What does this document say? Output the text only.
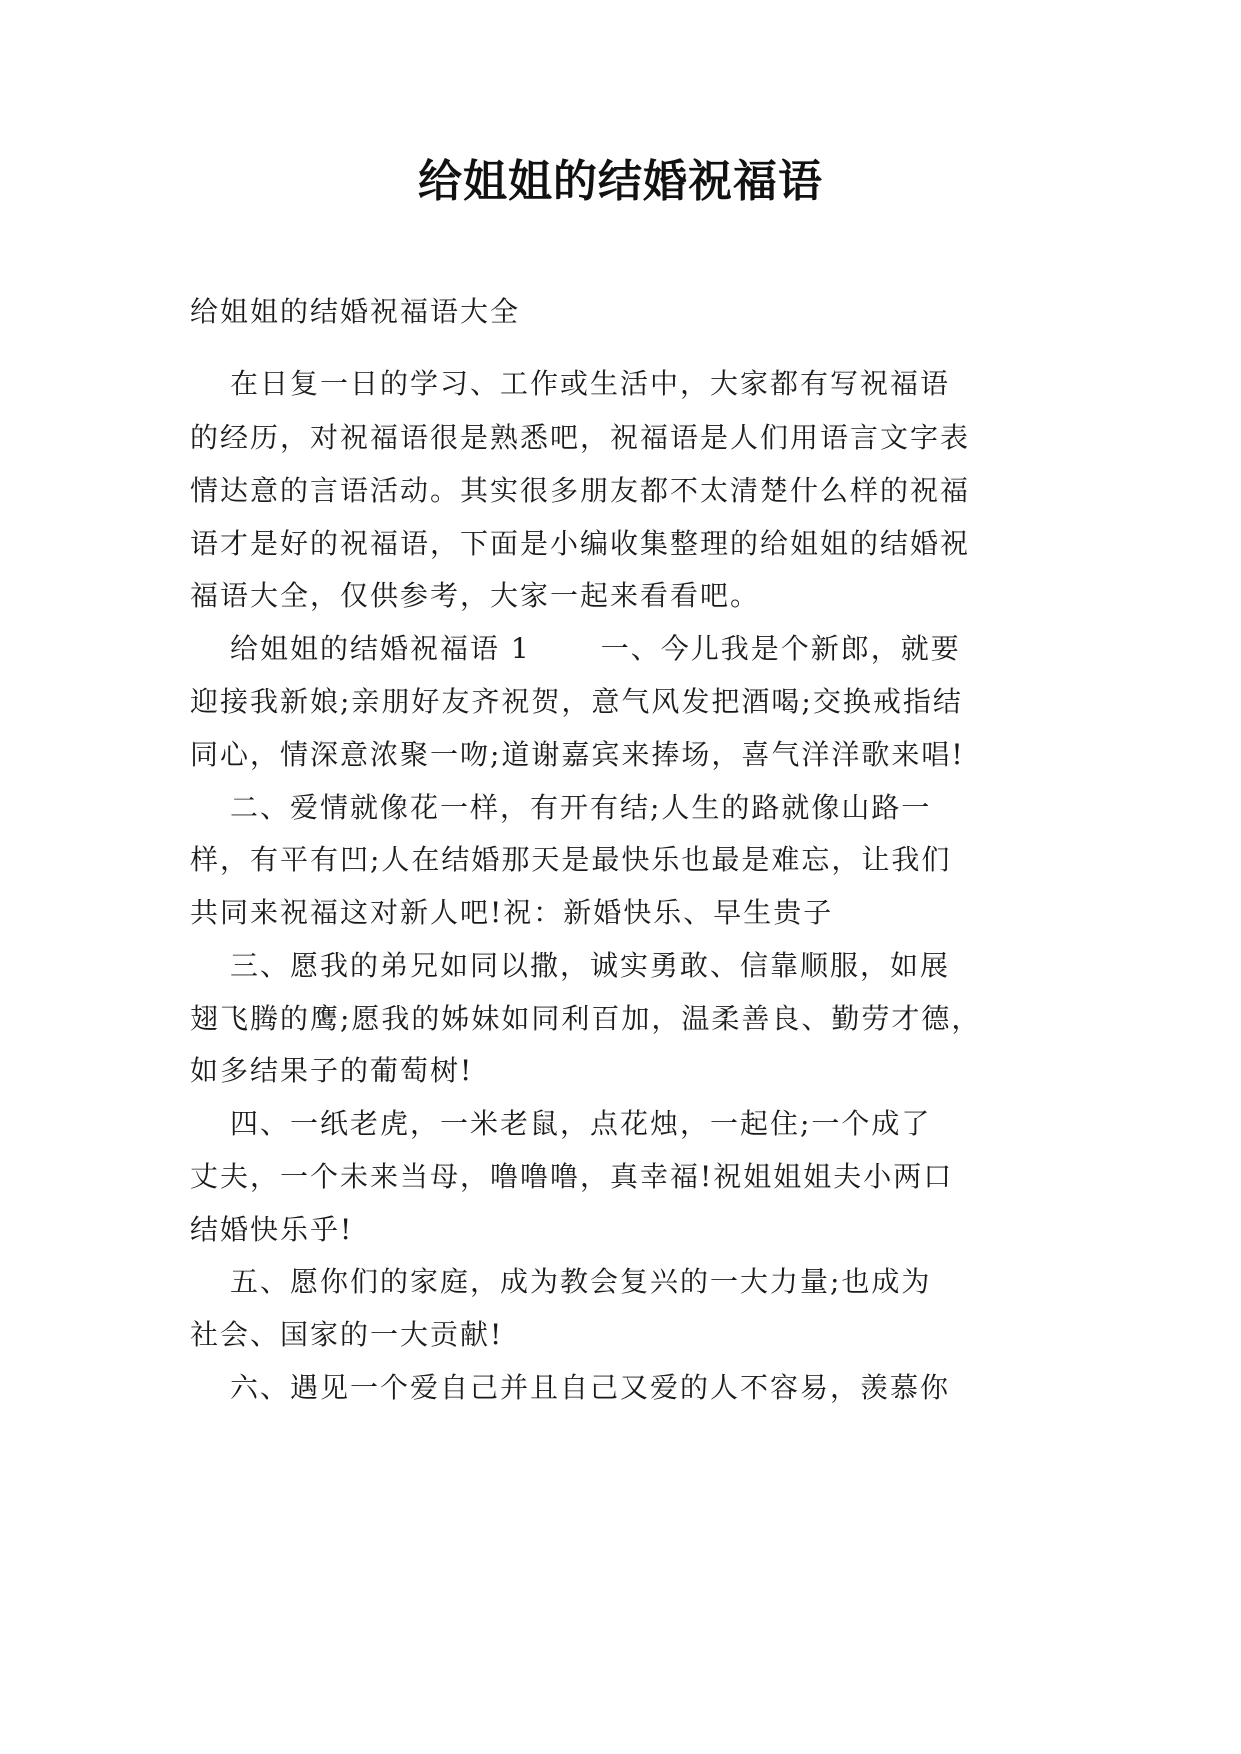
给姐姐的结婚祝福语
给姐姐的结婚祝福语大全
在日复一日的学习、工作或生活中，大家都有写祝福语
的经历，对祝福语很是熟悉吧，祝福语是人们用语言文字表
情达意的言语活动。其实很多朋友都不太清楚什么样的祝福
语才是好的祝福语，下面是小编收集整理的给姐姐的结婚祝
福语大全，仅供参考，大家一起来看看吧。
给姐姐的结婚祝福语 1	一、今儿我是个新郎，就要
迎接我新娘;亲朋好友齐祝贺，意气风发把酒喝;交换戒指结
同心，情深意浓聚一吻;道谢嘉宾来捧场，喜气洋洋歌来唱!
二、爱情就像花一样，有开有结;人生的路就像山路一
样，有平有凹;人在结婚那天是最快乐也最是难忘，让我们
共同来祝福这对新人吧!祝：新婚快乐、早生贵子
三、愿我的弟兄如同以撒，诚实勇敢、信靠顺服，如展
翅飞腾的鹰;愿我的姊妹如同利百加，温柔善良、勤劳才德，
如多结果子的葡萄树!
四、一纸老虎，一米老鼠，点花烛，一起住;一个成了
丈夫，一个未来当母，噜噜噜，真幸福!祝姐姐姐夫小两口
结婚快乐乎!
五、愿你们的家庭，成为教会复兴的一大力量;也成为
社会、国家的一大贡献!
六、遇见一个爱自己并且自己又爱的人不容易，羡慕你
